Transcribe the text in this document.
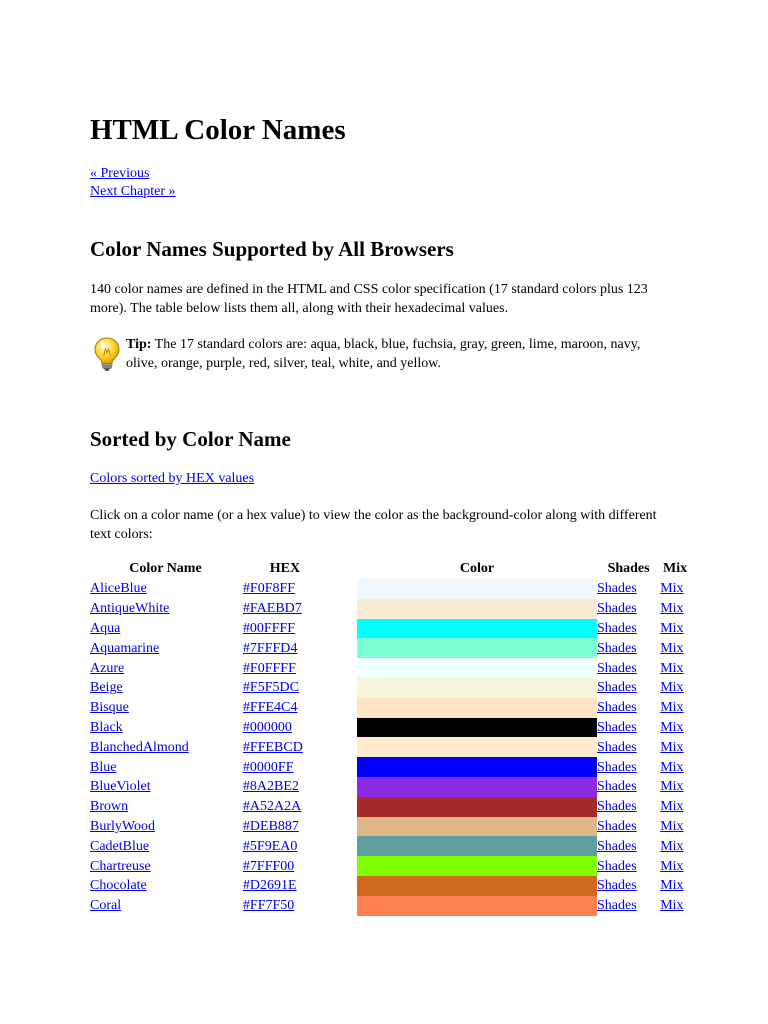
HTML Color Names
« Previous
Next Chapter »
Color Names Supported by All Browsers

140 color names are defined in the HTML and CSS color specification (17 standard colors plus 123 more). The table below lists them all, along with their hexadecimal values.

Tip: The 17 standard colors are: aqua, black, blue, fuchsia, gray, green, lime, maroon, navy, olive, orange, purple, red, silver, teal, white, and yellow.
Sorted by Color Name

Colors sorted by HEX values

Click on a color name (or a hex value) to view the color as the background-color along with different text colors:

Color Name	HEX	Color	Shades	Mix
AliceBlue	#F0F8FF		Shades	Mix
AntiqueWhite	#FAEBD7		Shades	Mix
Aqua	#00FFFF		Shades	Mix
Aquamarine	#7FFFD4		Shades	Mix
Azure	#F0FFFF		Shades	Mix
Beige	#F5F5DC		Shades	Mix
Bisque	#FFE4C4		Shades	Mix
Black	#000000		Shades	Mix
BlanchedAlmond	#FFEBCD		Shades	Mix
Blue	#0000FF		Shades	Mix
BlueViolet	#8A2BE2		Shades	Mix
Brown	#A52A2A		Shades	Mix
BurlyWood	#DEB887		Shades	Mix
CadetBlue	#5F9EA0		Shades	Mix
Chartreuse	#7FFF00		Shades	Mix
Chocolate	#D2691E		Shades	Mix
Coral	#FF7F50		Shades	Mix
